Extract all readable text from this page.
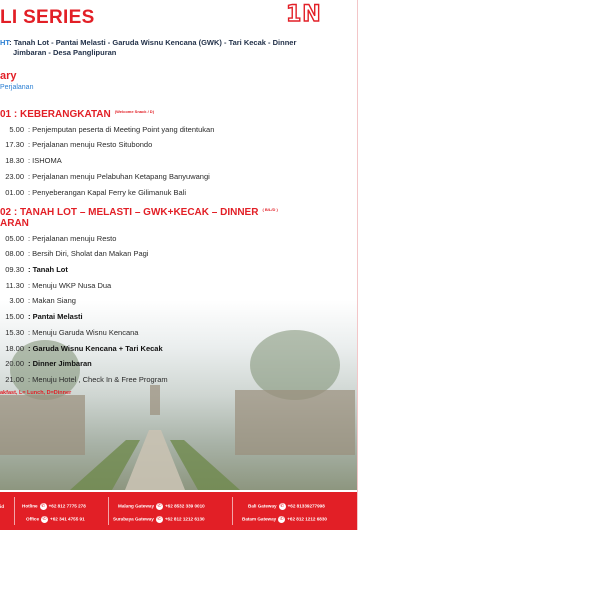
LI SERIES	1N
HT: Tanah Lot - Pantai Melasti - Garuda Wisnu Kencana (GWK) - Tari Kecak - Dinner
Jimbaran - Desa Panglipuran
ary
Perjalanan
01 : KEBERANGKATAN $^{(Welcome Snack / D)}$
5.00 : Penjemputan peserta di Meeting Point yang ditentukan
17.30 : Perjalanan menuju Resto Situbondo
18.30 : ISHOMA
23.00 : Perjalanan menuju Pelabuhan Ketapang Banyuwangi
01.00 : Penyeberangan Kapal Ferry ke Gilimanuk Bali
02 : TANAH LOT – MELASTI – GWK+KECAK – DINNER $^{( B/L/D )}$
ARAN
05.00 : Perjalanan menuju Resto
08.00 : Bersih Diri, Sholat dan Makan Pagi
09.30 : Tanah Lot
11.30 : Menuju WKP Nusa Dua
3.00 : Makan Siang
15.00 : Pantai Melasti
15.30 : Menuju Garuda Wisnu Kencana
18.00 : Garuda Wisnu Kencana + Tari Kecak
20.00 : Dinner Jimbaran
21.00 : Menuju Hotel , Check In & Free Program
akfast, L= Lunch, D=Dinner
id	Hotline ✆ +62 812 7775 278
Office ✆ +62 341 4755 91
Malang Gateway ✆ +62 8532 339 0010
Surabaya Gateway ✆ +62 812 1212 6130
Bali Gateway ✆ +62 81339277998
Batam Gateway ✆ +62 812 1212 6830
